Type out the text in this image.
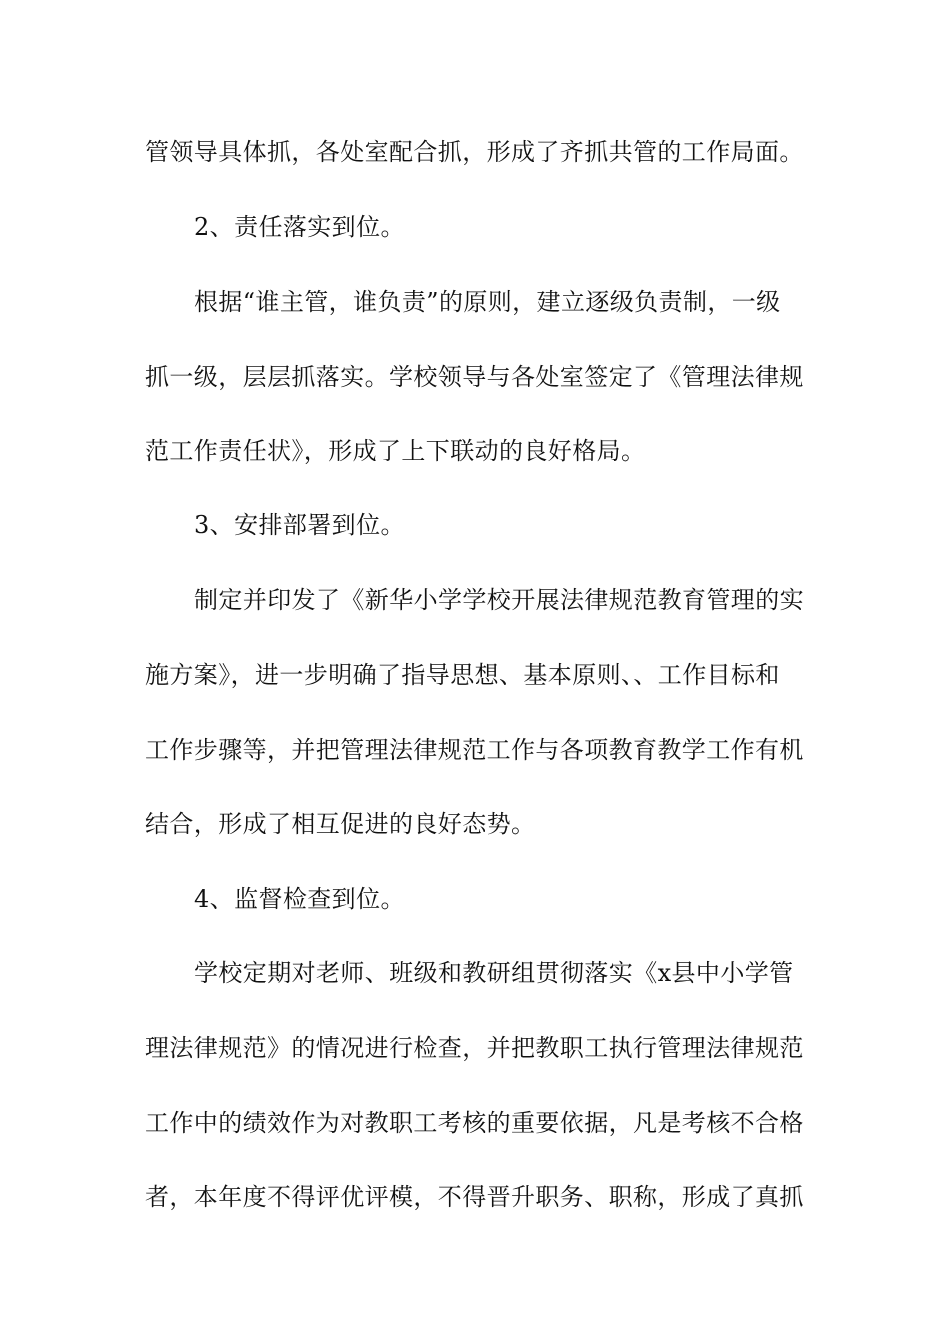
管领导具体抓，各处室配合抓，形成了齐抓共管的工作局面。
2、责任落实到位。
根据“谁主管，谁负责”的原则，建立逐级负责制，一级
抓一级，层层抓落实。学校领导与各处室签定了《管理法律规
范工作责任状》，形成了上下联动的良好格局。
3、安排部署到位。
制定并印发了《新华小学学校开展法律规范教育管理的实
施方案》，进一步明确了指导思想、基本原则、、工作目标和
工作步骤等，并把管理法律规范工作与各项教育教学工作有机
结合，形成了相互促进的良好态势。
4、监督检查到位。
学校定期对老师、班级和教研组贯彻落实《x县中小学管
理法律规范》的情况进行检查，并把教职工执行管理法律规范
工作中的绩效作为对教职工考核的重要依据，凡是考核不合格
者，本年度不得评优评模，不得晋升职务、职称，形成了真抓
